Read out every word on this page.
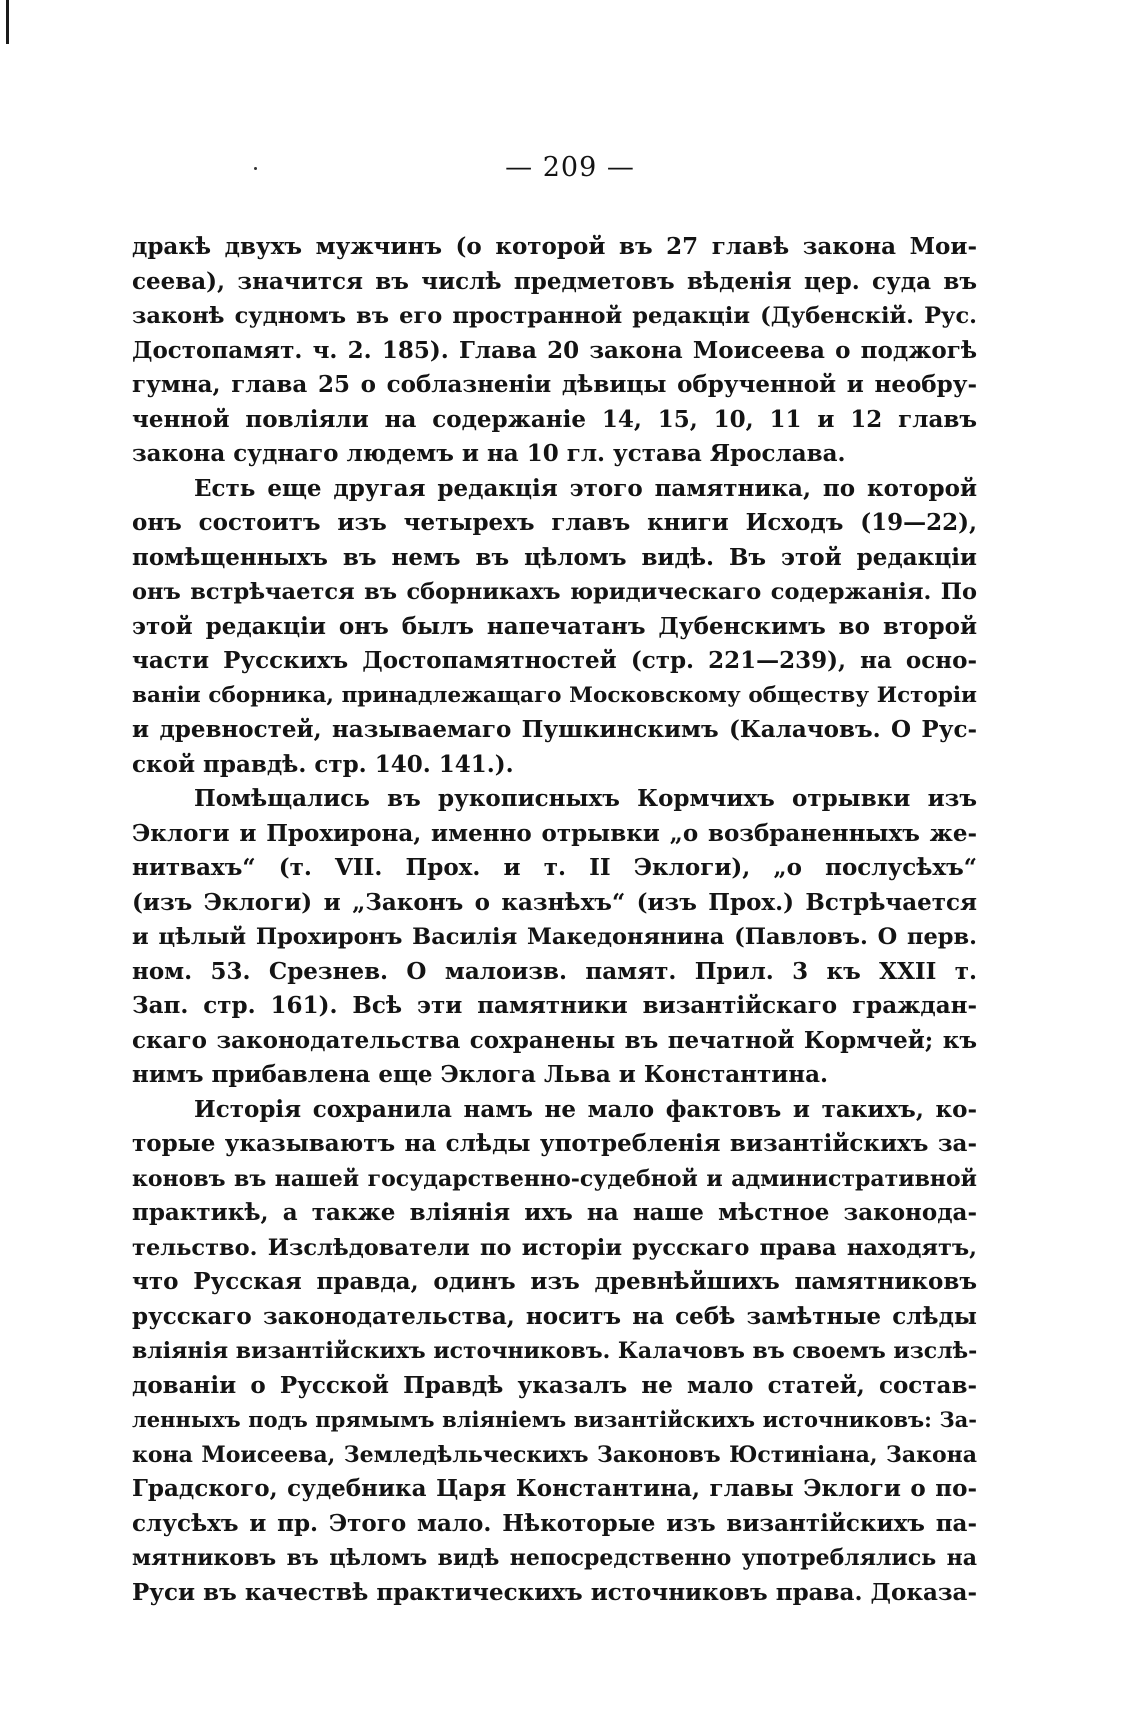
— 209 —
дракѣ двухъ мужчинъ (о которой въ 27 главѣ закона Мои-
сеева), значится въ числѣ предметовъ вѣденія цер. суда въ
законѣ судномъ въ его пространной редакціи (Дубенскій. Рус.
Достопамят. ч. 2. 185). Глава 20 закона Моисеева о поджогѣ
гумна, глава 25 о соблазненіи дѣвицы обрученной и необру-
ченной повліяли на содержаніе 14, 15, 10, 11 и 12 главъ
закона суднаго людемъ и на 10 гл. устава Ярослава.
Есть еще другая редакція этого памятника, по которой
онъ состоитъ изъ четырехъ главъ книги Исходъ (19—22),
помѣщенныхъ въ немъ въ цѣломъ видѣ. Въ этой редакціи
онъ встрѣчается въ сборникахъ юридическаго содержанія. По
этой редакціи онъ былъ напечатанъ Дубенскимъ во второй
части Русскихъ Достопамятностей (стр. 221—239), на осно-
ваніи сборника, принадлежащаго Московскому обществу Исторіи
и древностей, называемаго Пушкинскимъ (Калачовъ. О Рус-
ской правдѣ. стр. 140. 141.).
Помѣщались въ рукописныхъ Кормчихъ отрывки изъ
Эклоги и Прохирона, именно отрывки „о возбраненныхъ же-
нитвахъ“ (т. VII. Прох. и т. II Эклоги), „о послусѣхъ“
(изъ Эклоги) и „Законъ о казнѣхъ“ (изъ Прох.) Встрѣчается
и цѣлый Прохиронъ Василія Македонянина (Павловъ. О перв.
ном. 53. Срезнев. О малоизв. памят. Прил. 3 къ XXII т.
Зап. стр. 161). Всѣ эти памятники византійскаго граждан-
скаго законодательства сохранены въ печатной Кормчей; къ
нимъ прибавлена еще Эклога Льва и Константина.
Исторія сохранила намъ не мало фактовъ и такихъ, ко-
торые указываютъ на слѣды употребленія византійскихъ за-
коновъ въ нашей государственно-судебной и административной
практикѣ, а также вліянія ихъ на наше мѣстное законода-
тельство. Изслѣдователи по исторіи русскаго права находятъ,
что Русская правда, одинъ изъ древнѣйшихъ памятниковъ
русскаго законодательства, носитъ на себѣ замѣтные слѣды
вліянія византійскихъ источниковъ. Калачовъ въ своемъ изслѣ-
дованіи о Русской Правдѣ указалъ не мало статей, состав-
ленныхъ подъ прямымъ вліяніемъ византійскихъ источниковъ: За-
кона Моисеева, Земледѣльческихъ Законовъ Юстиніана, Закона
Градского, судебника Царя Константина, главы Эклоги о по-
слусѣхъ и пр. Этого мало. Нѣкоторые изъ византійскихъ па-
мятниковъ въ цѣломъ видѣ непосредственно употреблялись на
Руси въ качествѣ практическихъ источниковъ права. Доказа-
